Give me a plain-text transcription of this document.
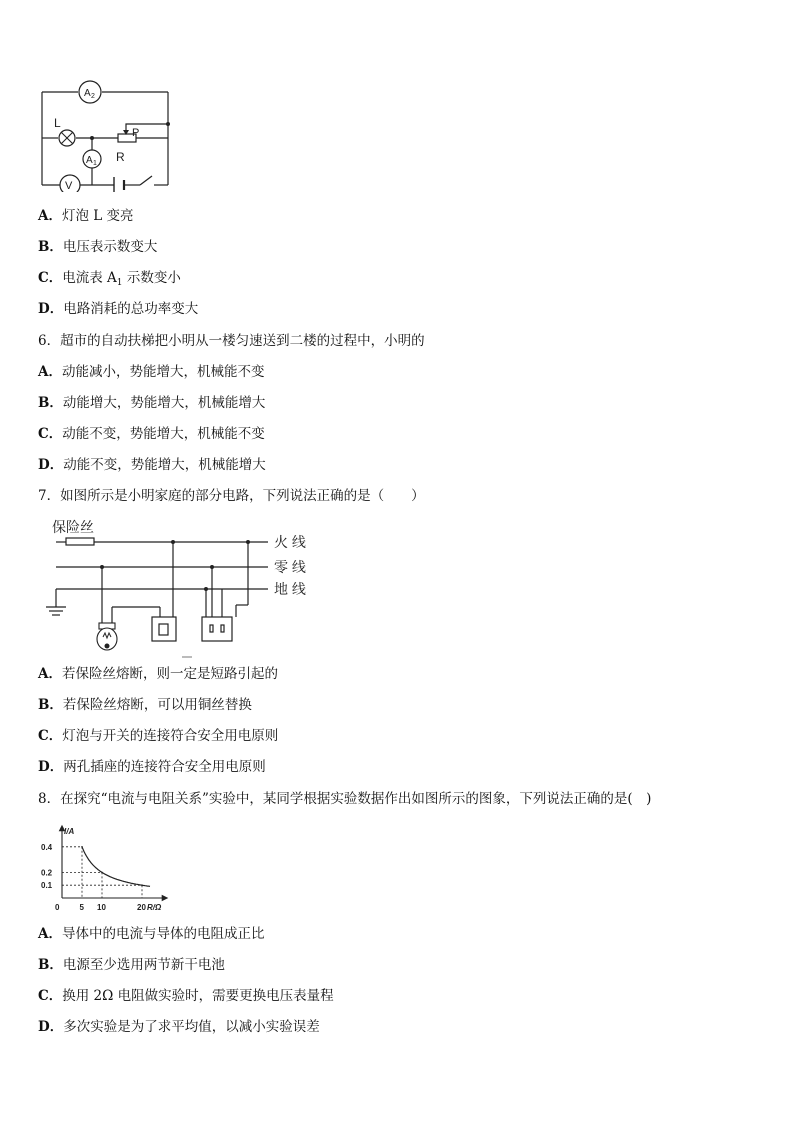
A 2
L
A 1
V
P
R
A．灯泡 L 变亮
B．电压表示数变大
C．电流表 $A_1$ 示数变小
D．电路消耗的总功率变大
6．超市的自动扶梯把小明从一楼匀速送到二楼的过程中，小明的
A．动能减小，势能增大，机械能不变
B．动能增大，势能增大，机械能增大
C．动能不变，势能增大，机械能不变
D．动能不变，势能增大，机械能增大
7．如图所示是小明家庭的部分电路，下列说法正确的是（　　）
保险丝
火 线
零 线
地 线
A．若保险丝熔断，则一定是短路引起的
B．若保险丝熔断，可以用铜丝替换
C．灯泡与开关的连接符合安全用电原则
D．两孔插座的连接符合安全用电原则
8．在探究“电流与电阻关系”实验中，某同学根据实验数据作出如图所示的图象，下列说法正确的是(　)
I/A
R/Ω
0	5 10	20
0.4
0.2
0.1
A．导体中的电流与导体的电阻成正比
B．电源至少选用两节新干电池
C．换用 2Ω 电阻做实验时，需要更换电压表量程
D．多次实验是为了求平均值，以减小实验误差
